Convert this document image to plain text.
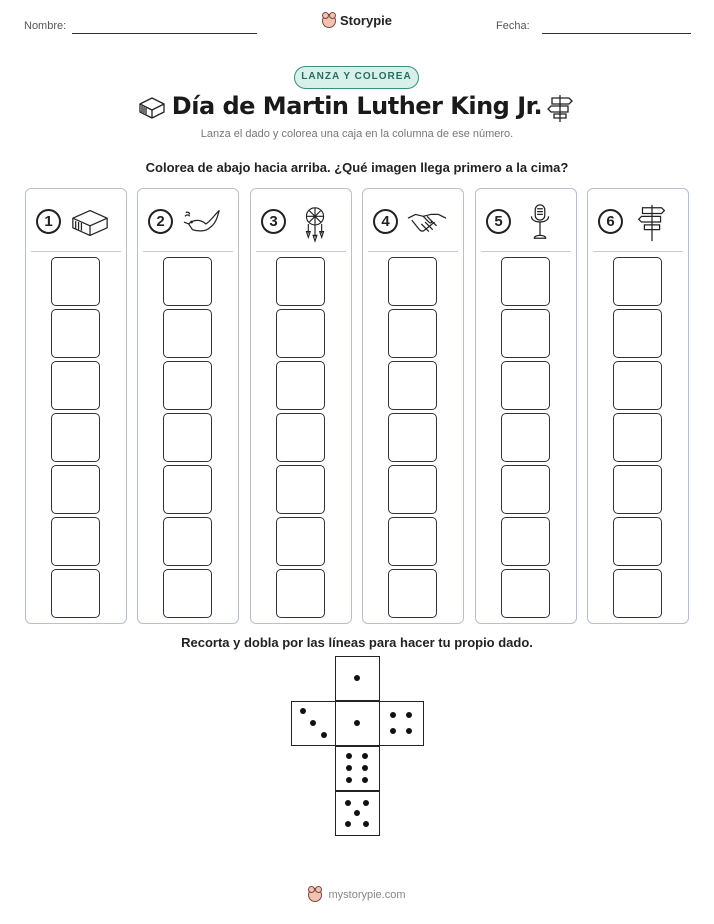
Nombre:	Storypie	Fecha:
LANZA Y COLOREA
Día de Martin Luther King Jr.
Lanza el dado y colorea una caja en la columna de ese número.
Colorea de abajo hacia arriba. ¿Qué imagen llega primero a la cima?
1	2	3	4	5	6
Recorta y dobla por las líneas para hacer tu propio dado.
mystorypie.com
